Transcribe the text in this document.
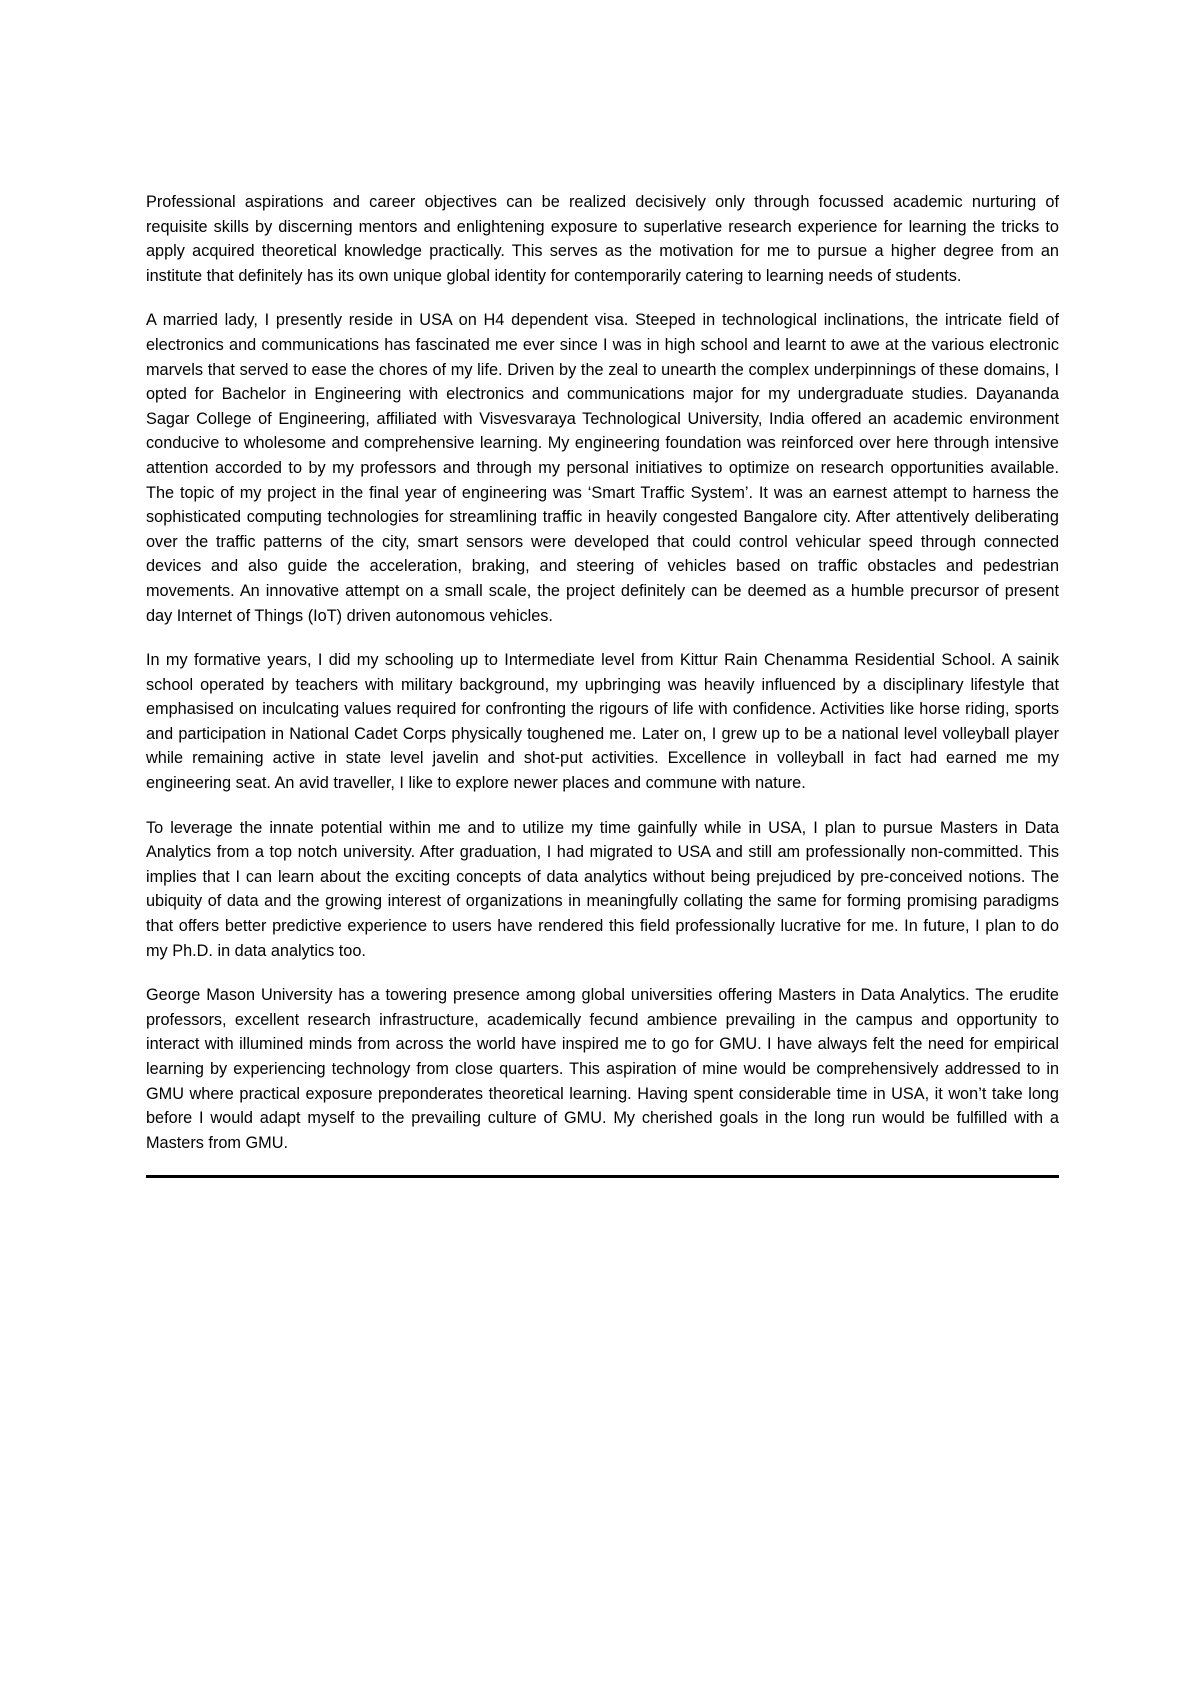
Professional aspirations and career objectives can be realized decisively only through focussed academic nurturing of requisite skills by discerning mentors and enlightening exposure to superlative research experience for learning the tricks to apply acquired theoretical knowledge practically. This serves as the motivation for me to pursue a higher degree from an institute that definitely has its own unique global identity for contemporarily catering to learning needs of students.

A married lady, I presently reside in USA on H4 dependent visa. Steeped in technological inclinations, the intricate field of electronics and communications has fascinated me ever since I was in high school and learnt to awe at the various electronic marvels that served to ease the chores of my life. Driven by the zeal to unearth the complex underpinnings of these domains, I opted for Bachelor in Engineering with electronics and communications major for my undergraduate studies. Dayananda Sagar College of Engineering, affiliated with Visvesvaraya Technological University, India offered an academic environment conducive to wholesome and comprehensive learning. My engineering foundation was reinforced over here through intensive attention accorded to by my professors and through my personal initiatives to optimize on research opportunities available. The topic of my project in the final year of engineering was ‘Smart Traffic System’. It was an earnest attempt to harness the sophisticated computing technologies for streamlining traffic in heavily congested Bangalore city. After attentively deliberating over the traffic patterns of the city, smart sensors were developed that could control vehicular speed through connected devices and also guide the acceleration, braking, and steering of vehicles based on traffic obstacles and pedestrian movements. An innovative attempt on a small scale, the project definitely can be deemed as a humble precursor of present day Internet of Things (IoT) driven autonomous vehicles.

In my formative years, I did my schooling up to Intermediate level from Kittur Rain Chenamma Residential School. A sainik school operated by teachers with military background, my upbringing was heavily influenced by a disciplinary lifestyle that emphasised on inculcating values required for confronting the rigours of life with confidence. Activities like horse riding, sports and participation in National Cadet Corps physically toughened me. Later on, I grew up to be a national level volleyball player while remaining active in state level javelin and shot-put activities. Excellence in volleyball in fact had earned me my engineering seat. An avid traveller, I like to explore newer places and commune with nature.

To leverage the innate potential within me and to utilize my time gainfully while in USA, I plan to pursue Masters in Data Analytics from a top notch university. After graduation, I had migrated to USA and still am professionally non-committed. This implies that I can learn about the exciting concepts of data analytics without being prejudiced by pre-conceived notions. The ubiquity of data and the growing interest of organizations in meaningfully collating the same for forming promising paradigms that offers better predictive experience to users have rendered this field professionally lucrative for me. In future, I plan to do my Ph.D. in data analytics too.

George Mason University has a towering presence among global universities offering Masters in Data Analytics. The erudite professors, excellent research infrastructure, academically fecund ambience prevailing in the campus and opportunity to interact with illumined minds from across the world have inspired me to go for GMU. I have always felt the need for empirical learning by experiencing technology from close quarters. This aspiration of mine would be comprehensively addressed to in GMU where practical exposure preponderates theoretical learning. Having spent considerable time in USA, it won’t take long before I would adapt myself to the prevailing culture of GMU. My cherished goals in the long run would be fulfilled with a Masters from GMU.
